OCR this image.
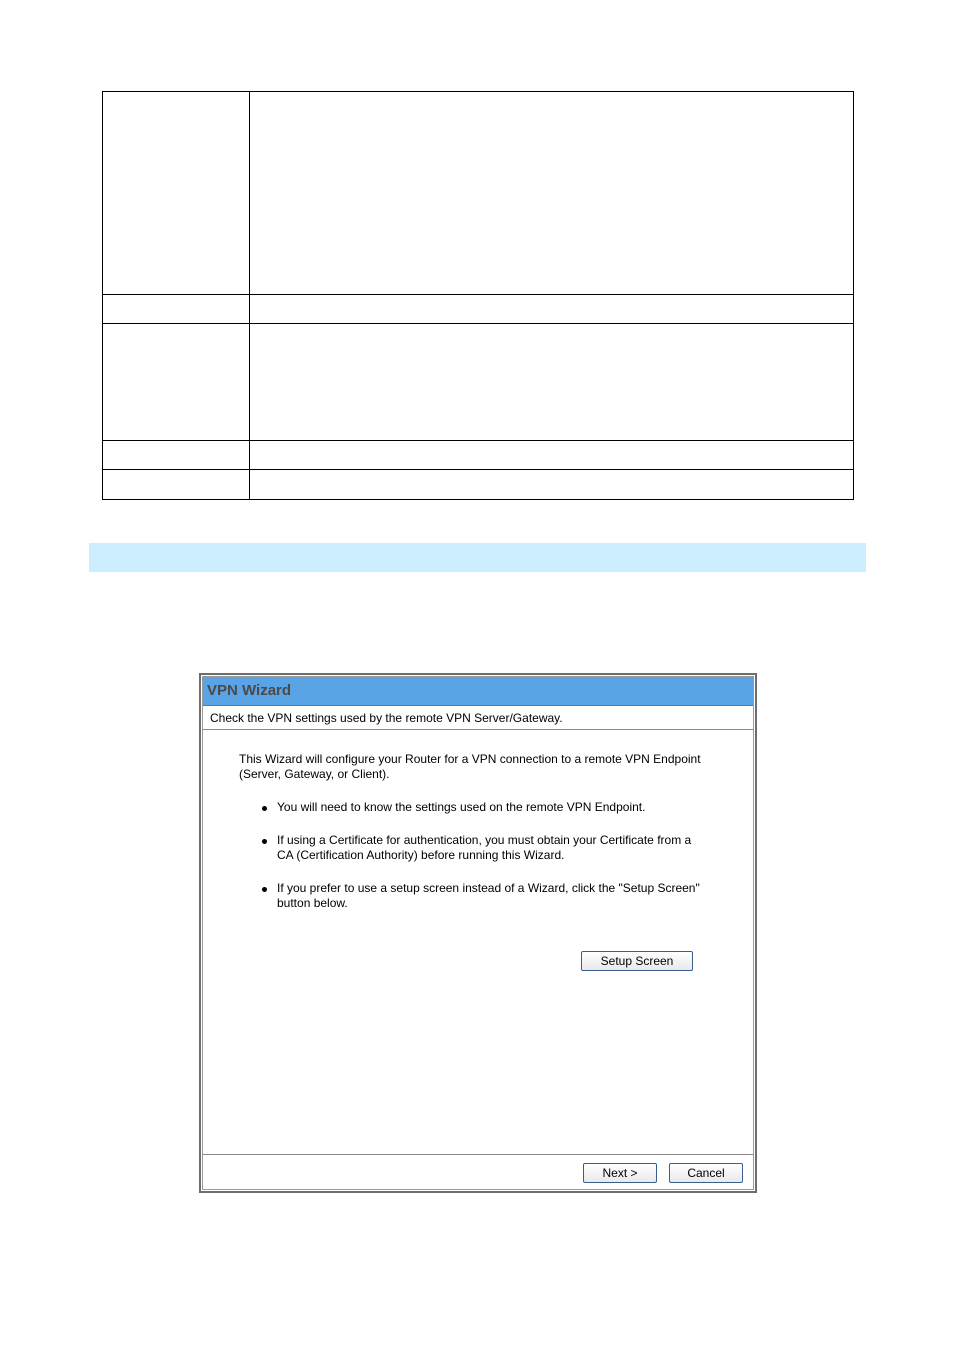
VPN Wizard
Check the VPN settings used by the remote VPN Server/Gateway.

This Wizard will configure your Router for a VPN connection to a remote VPN Endpoint (Server, Gateway, or Client).

You will need to know the settings used on the remote VPN Endpoint.
If using a Certificate for authentication, you must obtain your Certificate from a CA (Certification Authority) before running this Wizard.
If you prefer to use a setup screen instead of a Wizard, click the "Setup Screen" button below.
Setup Screen
Next >	Cancel
